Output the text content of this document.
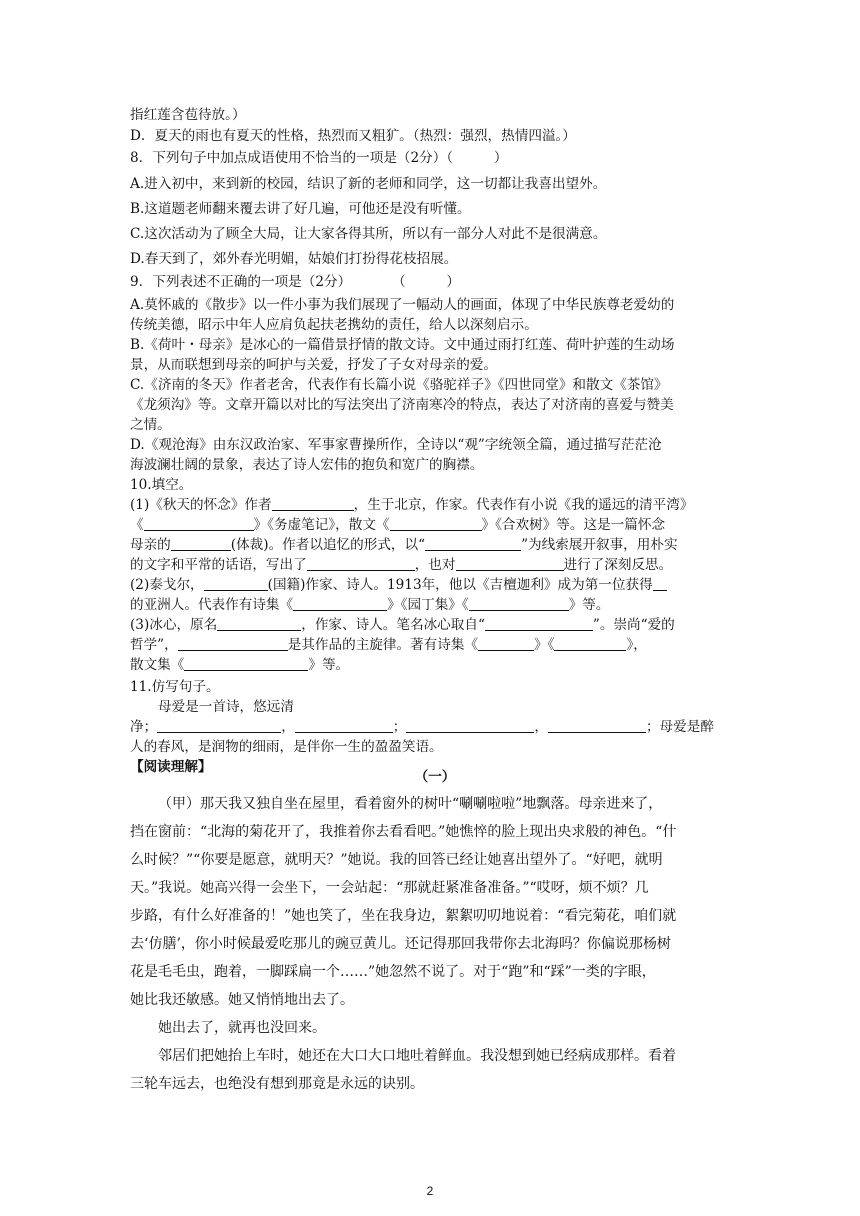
指红莲含苞待放。）
D．夏天的雨也有夏天的性格，热烈而又粗犷。（热烈：强烈，热情四溢。）
8．下列句子中加点成语使用不恰当的一项是（2分）（　　　）
A.进入初中，来到新的校园，结识了新的老师和同学，这一切都让我喜出望外。
B.这道题老师翻来覆去讲了好几遍，可他还是没有听懂。
C.这次活动为了顾全大局，让大家各得其所，所以有一部分人对此不是很满意。
D.春天到了，郊外春光明媚，姑娘们打扮得花枝招展。
9．下列表述不正确的一项是（2分）　　　　（　　　）
A.莫怀戚的《散步》以一件小事为我们展现了一幅动人的画面，体现了中华民族尊老爱幼的
传统美德，昭示中年人应肩负起扶老携幼的责任，给人以深刻启示。
B.《荷叶・母亲》是冰心的一篇借景抒情的散文诗。文中通过雨打红莲、荷叶护莲的生动场
景，从而联想到母亲的呵护与关爱，抒发了子女对母亲的爱。
C.《济南的冬天》作者老舍，代表作有长篇小说《骆驼祥子》《四世同堂》和散文《茶馆》
《龙须沟》等。文章开篇以对比的写法突出了济南寒冷的特点，表达了对济南的喜爱与赞美
之情。
D.《观沧海》由东汉政治家、军事家曹操所作，全诗以“观”字统领全篇，通过描写茫茫沧
海波澜壮阔的景象，表达了诗人宏伟的抱负和宽广的胸襟。
10.填空。
(1)《秋天的怀念》作者	，生于北京，作家。代表作有小说《我的遥远的清平湾》
《	》《务虚笔记》，散文《	》《合欢树》等。这是一篇怀念
母亲的	(体裁)。作者以追忆的形式，以“	”为线索展开叙事，用朴实
的文字和平常的话语，写出了	，也对	进行了深刻反思。
(2)泰戈尔，	(国籍)作家、诗人。1913年，他以《吉檀迦利》成为第一位获得
的亚洲人。代表作有诗集《	》《园丁集》《	》等。
(3)冰心，原名	，作家、诗人。笔名冰心取自“	”。崇尚“爱的
哲学”，	是其作品的主旋律。著有诗集《	》《	》，
散文集《	》等。
11.仿写句子。
母爱是一首诗，悠远清
净；	，	；	，	；母爱是醉
人的春风，是润物的细雨，是伴你一生的盈盈笑语。
【阅读理解】
（一）
（甲）那天我又独自坐在屋里，看着窗外的树叶“唰唰啦啦”地飘落。母亲进来了，
挡在窗前：“北海的菊花开了，我推着你去看看吧。”她憔悴的脸上现出央求般的神色。“什
么时候？”“你要是愿意，就明天？”她说。我的回答已经让她喜出望外了。“好吧，就明
天。”我说。她高兴得一会坐下，一会站起：“那就赶紧准备准备。”“哎呀，烦不烦？几
步路，有什么好准备的！”她也笑了，坐在我身边，絮絮叨叨地说着：“看完菊花，咱们就
去‘仿膳’，你小时候最爱吃那儿的豌豆黄儿。还记得那回我带你去北海吗？你偏说那杨树
花是毛毛虫，跑着，一脚踩扁一个……”她忽然不说了。对于“跑”和“踩”一类的字眼，
她比我还敏感。她又悄悄地出去了。
她出去了，就再也没回来。
邻居们把她抬上车时，她还在大口大口地吐着鲜血。我没想到她已经病成那样。看着
三轮车远去，也绝没有想到那竟是永远的诀别。
2
